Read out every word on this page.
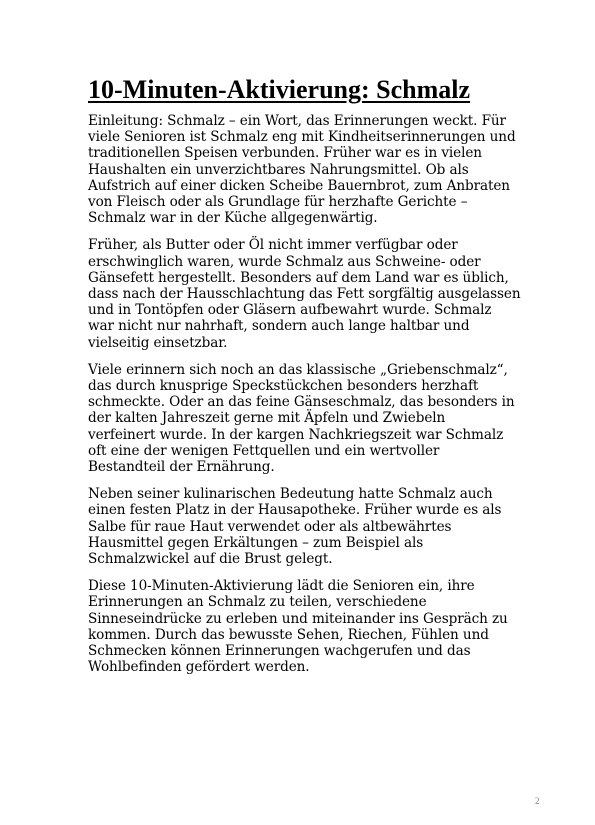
10-Minuten-Aktivierung: Schmalz

Einleitung: Schmalz – ein Wort, das Erinnerungen weckt. Für
viele Senioren ist Schmalz eng mit Kindheitserinnerungen und
traditionellen Speisen verbunden. Früher war es in vielen
Haushalten ein unverzichtbares Nahrungsmittel. Ob als
Aufstrich auf einer dicken Scheibe Bauernbrot, zum Anbraten
von Fleisch oder als Grundlage für herzhafte Gerichte –
Schmalz war in der Küche allgegenwärtig.

Früher, als Butter oder Öl nicht immer verfügbar oder
erschwinglich waren, wurde Schmalz aus Schweine- oder
Gänsefett hergestellt. Besonders auf dem Land war es üblich,
dass nach der Hausschlachtung das Fett sorgfältig ausgelassen
und in Tontöpfen oder Gläsern aufbewahrt wurde. Schmalz
war nicht nur nahrhaft, sondern auch lange haltbar und
vielseitig einsetzbar.

Viele erinnern sich noch an das klassische „Griebenschmalz“,
das durch knusprige Speckstückchen besonders herzhaft
schmeckte. Oder an das feine Gänseschmalz, das besonders in
der kalten Jahreszeit gerne mit Äpfeln und Zwiebeln
verfeinert wurde. In der kargen Nachkriegszeit war Schmalz
oft eine der wenigen Fettquellen und ein wertvoller
Bestandteil der Ernährung.

Neben seiner kulinarischen Bedeutung hatte Schmalz auch
einen festen Platz in der Hausapotheke. Früher wurde es als
Salbe für raue Haut verwendet oder als altbewährtes
Hausmittel gegen Erkältungen – zum Beispiel als
Schmalzwickel auf die Brust gelegt.

Diese 10-Minuten-Aktivierung lädt die Senioren ein, ihre
Erinnerungen an Schmalz zu teilen, verschiedene
Sinneseindrücke zu erleben und miteinander ins Gespräch zu
kommen. Durch das bewusste Sehen, Riechen, Fühlen und
Schmecken können Erinnerungen wachgerufen und das
Wohlbefinden gefördert werden.

2
